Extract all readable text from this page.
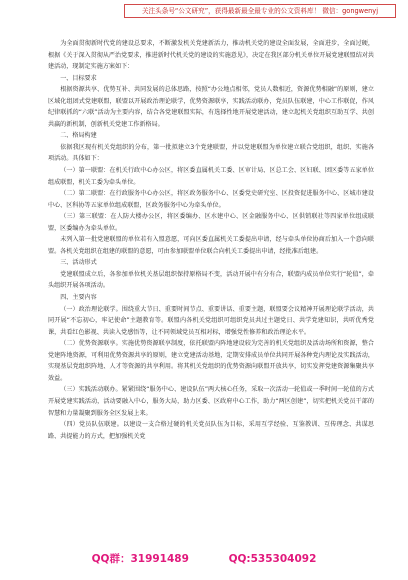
关注头条号“公文研究”，获得最新最全最专业的公文资料库！ 微信：gongwenyj

为全面贯彻新时代党的建设总要求，不断激发机关党建新活力，推动机关党的建设全面发展，全面进步，全面过硬，根据《关于深入贯彻从严治党要求，推进新时代机关党的建设的实施意见》，决定在我区部分机关单位开展党建联盟结对共建活动，现制定实施方案如下：

一、目标要求

根据资源共享、优势互补、共同发展的总体思路，按照“办公地点相邻，党员人数相近，资源优势相融”的原则，建立区域化组团式党建联盟，联盟以开展政治理论联学，优势资源联享，实践活动联办，党员队伍联建，中心工作联促，作风纪律联抓的“六联”活动为主要内容，结合各党建联盟实际，有选择性地开展党建活动，建立起机关党组织互助互学、共创共赢的新机制，创新机关党建工作新格局。

二、格局构建

依据我区现有机关党组织的分布，第一批拟建立3个党建联盟，并以党建联盟为单位建立联合党组织，组织、实施各项活动。具体如下：

（一）第一联盟：在机关行政中心办公区，将区委直属机关工委、区审计局、区总工会、区妇联、团区委等五家单位组成联盟，机关工委为牵头单位。

（二）第二联盟：在行政服务中心办公区，将区政务服务中心、区委党史研究室、区投资促进服务中心、区城市建设中心、区科协等五家单位组成联盟，区政务服务中心为牵头单位。

（三）第三联盟：在人防大楼办公区，将区委编办、区水建中心、区金融服务中心、区供销联社等四家单位组成联盟，区委编办为牵头单位。

未列入第一批党建联盟的单位若有入盟意愿，可向区委直属机关工委提出申请，经与牵头单位协商后加入一个意向联盟。各机关党组织在组建的联盟的意愿，可由参加联盟单位联合向机关工委提出申请，经批准后组建。

三、活动形式

党建联盟成立后，各参加单位机关基层组织保持原格局不变，活动开展中有分有合，联盟内成员单位实行“轮值”，牵头组织开展各项活动。

四、主要内容

（一）政治理论联学。围绕重大节日、重要时间节点、重要讲话、重要主题，联盟要会议精神开展理论联学活动，共同开展“不忘初心，牢记使命”主题教育等。联盟内各机关党组织可组织党员共过主题党日、共学党建知识，共听优秀党课，共看红色影视、共读入党感悟等，让不同领域党员互相对标，增强党性修养和政治理论水平。

（二）优势资源联享。实施优势资源联享制度，依托联盟内阵地建设较为完善的机关党组织及活动场所和资源，整合党建阵地资源，可利用优势资源共享的原则，建立党建活动基地，定期安排成员单位共同开展各种党内理论及实践活动，实现基层党组织阵地、人才等资源的共享利用。将其机关党组织的优势资源向联盟开放共享，切实发挥党建资源集聚共享效益。

（三）实践活动联办。紧紧围绕“服务中心、建设队伍”两大核心任务，采取一次活动一轮值或一季时间一轮值的方式开展党建实践活动，活动要融入中心，服务大局，助力区委、区政府中心工作，助力“两区创建”，切实把机关党员干部的智慧和力量凝聚到服务全区发展上来。

（四）党员队伍联建。以建设一支合格过硬的机关党员队伍为目标，采用互学经验、互鉴教训、互传理念、共谋思路、共提能力的方式，把加强机关党

QQ群：31991489	QQ:535304092
